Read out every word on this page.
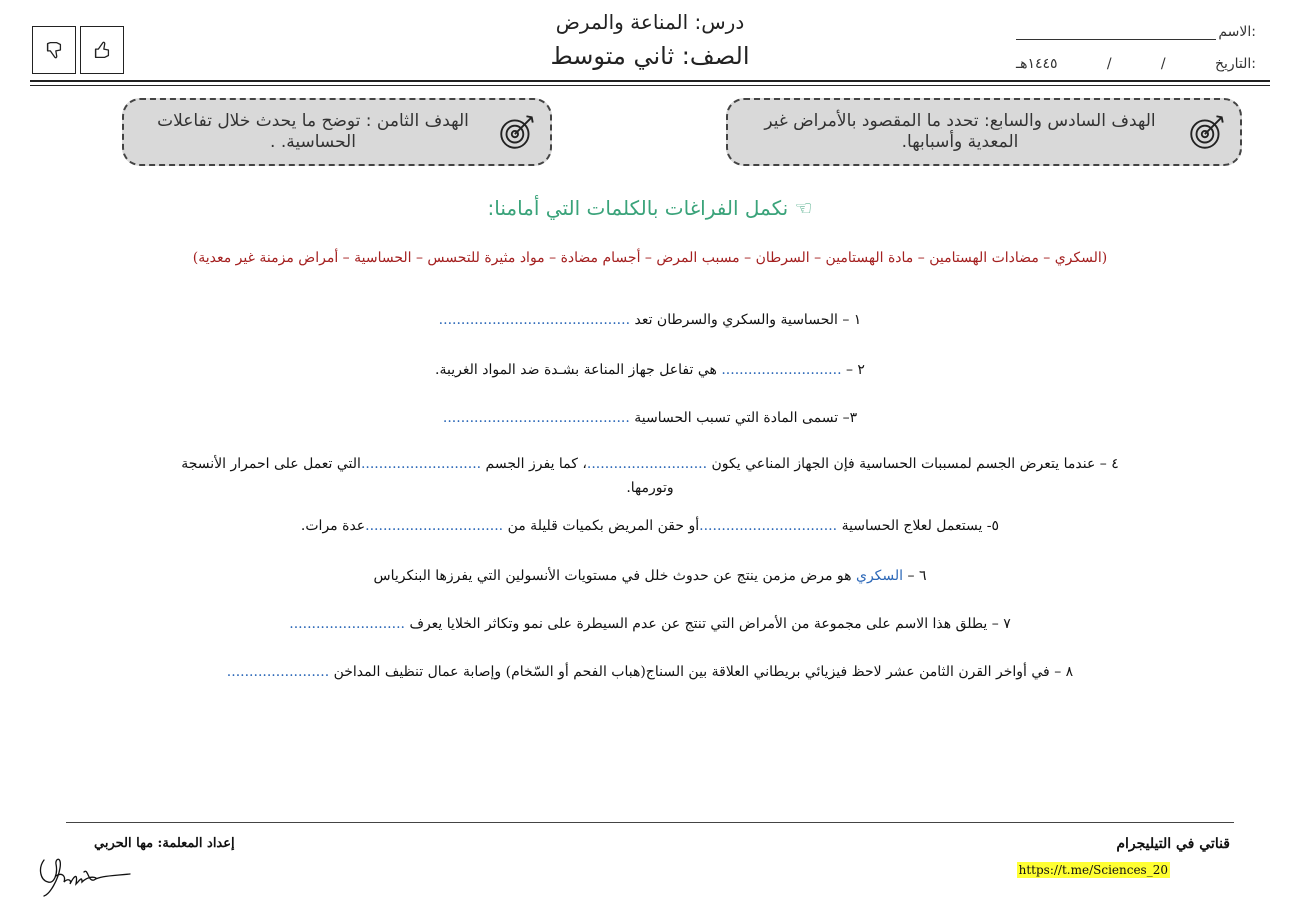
درس: المناعة والمرض
الصف: ثاني متوسط
الاسم:
التاريخ:
/
/
١٤٤٥هـ
الهدف السادس والسابع: تحدد ما المقصود بالأمراض غير المعدية وأسبابها.
الهدف الثامن : توضح ما يحدث خلال تفاعلات الحساسية. .
☜ نكمل الفراغات بالكلمات التي أمامنا:
(السكري – مضادات الهستامين – مادة الهستامين – السرطان – مسبب المرض – أجسام مضادة – مواد مثيرة للتحسس – الحساسية – أمراض مزمنة غير معدية)
١ – الحساسية والسكري والسرطان تعد ...........................................
٢ – ........................... هي تفاعل جهاز المناعة بشـدة ضد المواد الغريبة.
٣– تسمى المادة التي تسبب الحساسية ..........................................
٤ – عندما يتعرض الجسم لمسببات الحساسية فإن الجهاز المناعي يكون ...........................، كما يفرز الجسم ...........................التي تعمل على احمرار الأنسجة
وتورمها.
٥- يستعمل لعلاج الحساسية ...............................أو حقن المريض بكميات قليلة من ...............................عدة مرات.
٦ – السكري هو مرض مزمن ينتج عن حدوث خلل في مستويات الأنسولين التي يفرزها البنكرياس
٧ – يطلق هذا الاسم على مجموعة من الأمراض التي تنتج عن عدم السيطرة على نمو وتكاثر الخلايا يعرف ..........................
٨ – في أواخر القرن الثامن عشر لاحظ فيزيائي بريطاني العلاقة بين السناج(هباب الفحم أو السّخام) وإصابة عمال تنظيف المداخن .......................
قناتي في التيليجرام
https://t.me/Sciences_20
إعداد المعلمة: مها الحربي
